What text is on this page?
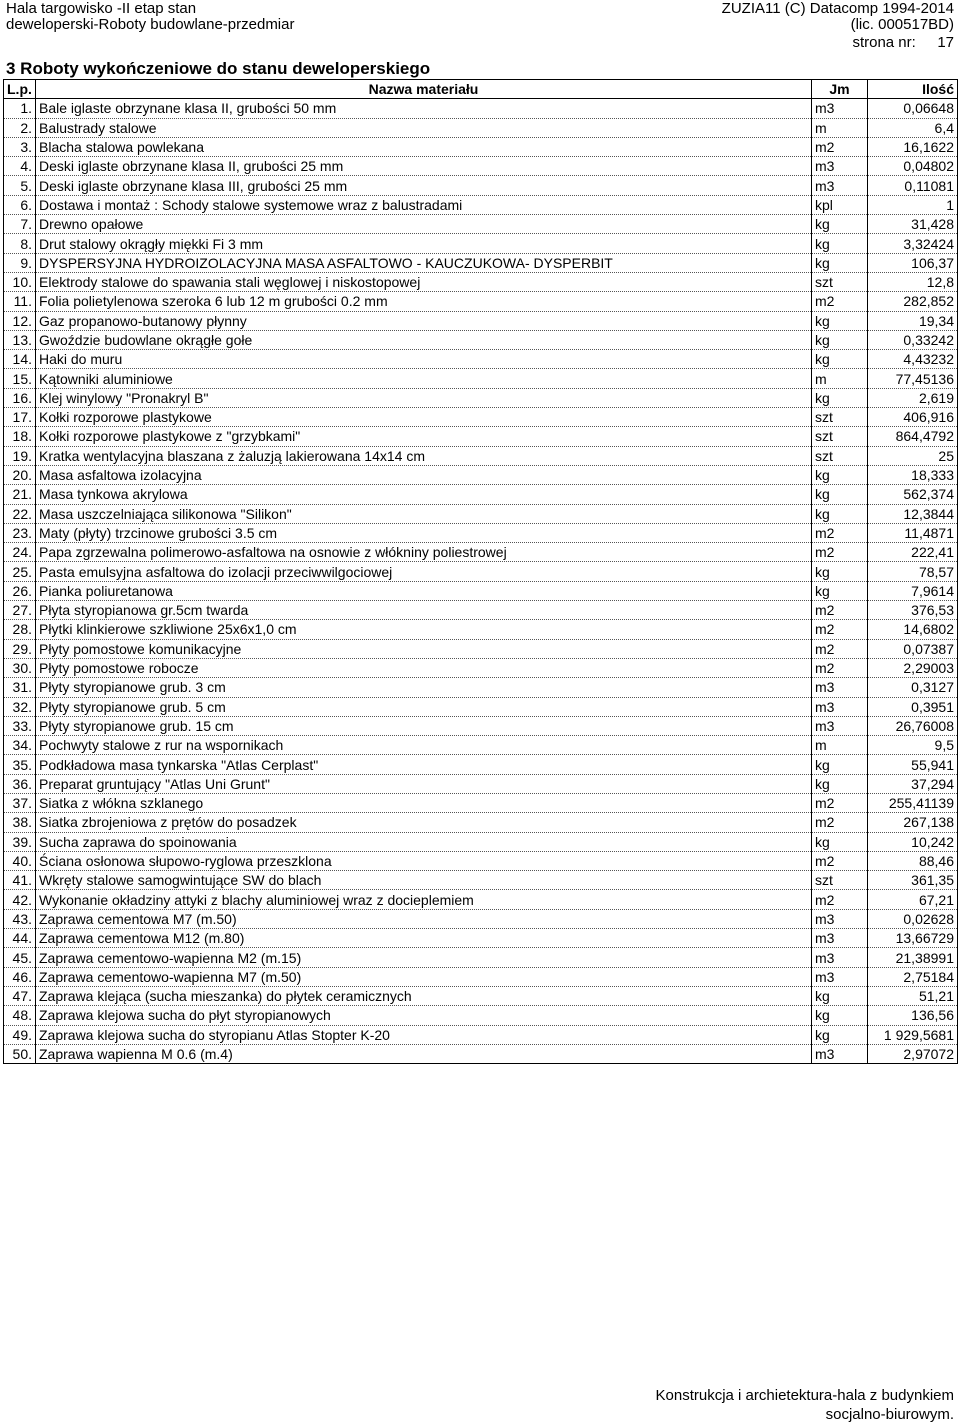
Hala targowisko -II etap stan
deweloperski-Roboty budowlane-przedmiar
ZUZIA11 (C) Datacomp 1994-2014
(lic. 000517BD)
strona nr: 17
3 Roboty wykończeniowe do stanu deweloperskiego
L.p.	Nazwa materiału	Jm	Ilość
1.	Bale iglaste obrzynane klasa II, grubości 50 mm	m3	0,06648
2.	Balustrady stalowe	m	6,4
3.	Blacha stalowa powlekana	m2	16,1622
4.	Deski iglaste obrzynane klasa II, grubości 25 mm	m3	0,04802
5.	Deski iglaste obrzynane klasa III, grubości 25 mm	m3	0,11081
6.	Dostawa i montaż : Schody stalowe systemowe wraz z balustradami	kpl	1
7.	Drewno opałowe	kg	31,428
8.	Drut stalowy okrągły miękki Fi 3 mm	kg	3,32424
9.	DYSPERSYJNA HYDROIZOLACYJNA MASA ASFALTOWO - KAUCZUKOWA- DYSPERBIT	kg	106,37
10.	Elektrody stalowe do spawania stali węglowej i niskostopowej	szt	12,8
11.	Folia polietylenowa szeroka 6 lub 12 m grubości 0.2 mm	m2	282,852
12.	Gaz propanowo-butanowy płynny	kg	19,34
13.	Gwoździe budowlane okrągłe gołe	kg	0,33242
14.	Haki do muru	kg	4,43232
15.	Kątowniki aluminiowe	m	77,45136
16.	Klej winylowy "Pronakryl B"	kg	2,619
17.	Kołki rozporowe plastykowe	szt	406,916
18.	Kołki rozporowe plastykowe z "grzybkami"	szt	864,4792
19.	Kratka wentylacyjna blaszana z żaluzją lakierowana 14x14 cm	szt	25
20.	Masa asfaltowa izolacyjna	kg	18,333
21.	Masa tynkowa akrylowa	kg	562,374
22.	Masa uszczelniająca silikonowa "Silikon"	kg	12,3844
23.	Maty (płyty) trzcinowe grubości 3.5 cm	m2	11,4871
24.	Papa zgrzewalna polimerowo-asfaltowa na osnowie z włókniny poliestrowej	m2	222,41
25.	Pasta emulsyjna asfaltowa do izolacji przeciwwilgociowej	kg	78,57
26.	Pianka poliuretanowa	kg	7,9614
27.	Płyta styropianowa gr.5cm twarda	m2	376,53
28.	Płytki klinkierowe szkliwione 25x6x1,0 cm	m2	14,6802
29.	Płyty pomostowe komunikacyjne	m2	0,07387
30.	Płyty pomostowe robocze	m2	2,29003
31.	Płyty styropianowe grub. 3 cm	m3	0,3127
32.	Płyty styropianowe grub. 5 cm	m3	0,3951
33.	Płyty styropianowe grub. 15 cm	m3	26,76008
34.	Pochwyty stalowe z rur na wspornikach	m	9,5
35.	Podkładowa masa tynkarska "Atlas Cerplast"	kg	55,941
36.	Preparat gruntujący "Atlas Uni Grunt"	kg	37,294
37.	Siatka z włókna szklanego	m2	255,41139
38.	Siatka zbrojeniowa z prętów do posadzek	m2	267,138
39.	Sucha zaprawa do spoinowania	kg	10,242
40.	Ściana osłonowa słupowo-ryglowa przeszklona	m2	88,46
41.	Wkręty stalowe samogwintujące SW do blach	szt	361,35
42.	Wykonanie okładziny attyki z blachy aluminiowej wraz z docieplemiem	m2	67,21
43.	Zaprawa cementowa M7 (m.50)	m3	0,02628
44.	Zaprawa cementowa M12 (m.80)	m3	13,66729
45.	Zaprawa cementowo-wapienna M2 (m.15)	m3	21,38991
46.	Zaprawa cementowo-wapienna M7 (m.50)	m3	2,75184
47.	Zaprawa klejąca (sucha mieszanka) do płytek ceramicznych	kg	51,21
48.	Zaprawa klejowa sucha do płyt styropianowych	kg	136,56
49.	Zaprawa klejowa sucha do styropianu Atlas Stopter K-20	kg	1 929,5681
50.	Zaprawa wapienna M 0.6 (m.4)	m3	2,97072
Konstrukcja i archietektura-hala z budynkiem
socjalno-biurowym.
